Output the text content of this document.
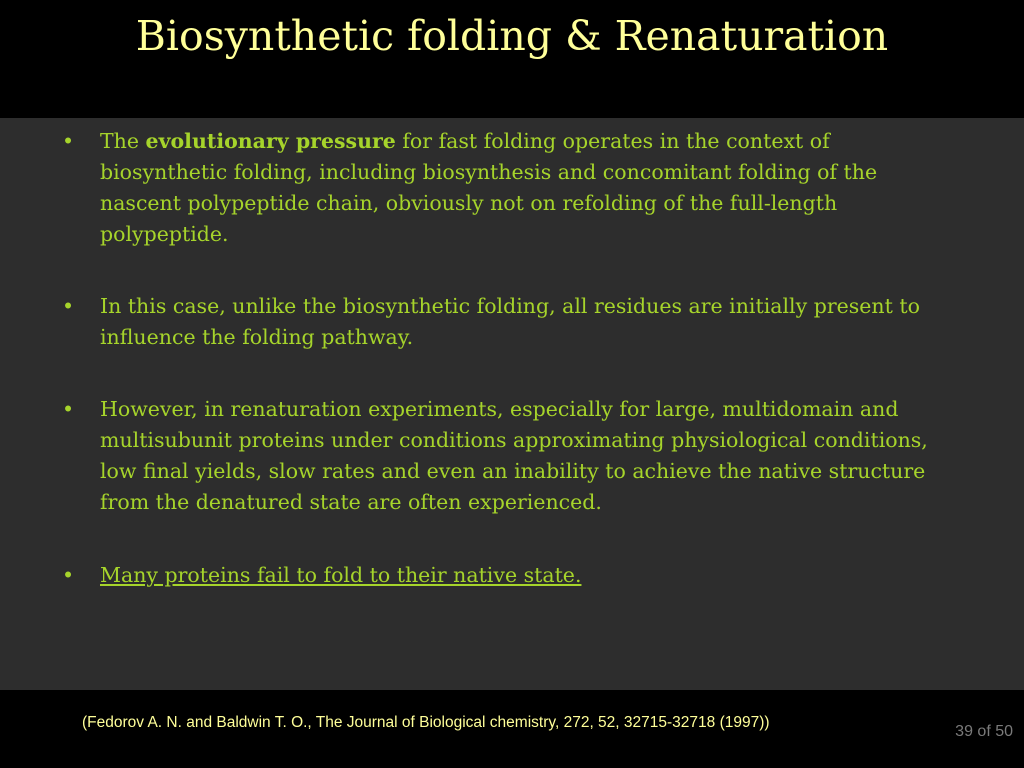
Biosynthetic folding & Renaturation
• The evolutionary pressure for fast folding operates in the context of biosynthetic folding, including biosynthesis and concomitant folding of the nascent polypeptide chain, obviously not on refolding of the full-length polypeptide.
• In this case, unlike the biosynthetic folding, all residues are initially present to influence the folding pathway.
• However, in renaturation experiments, especially for large, multidomain and multisubunit proteins under conditions approximating physiological conditions, low final yields, slow rates and even an inability to achieve the native structure from the denatured state are often experienced.
• Many proteins fail to fold to their native state.
(Fedorov A. N. and Baldwin T. O., The Journal of Biological chemistry, 272, 52, 32715-32718 (1997))
39 of 50
